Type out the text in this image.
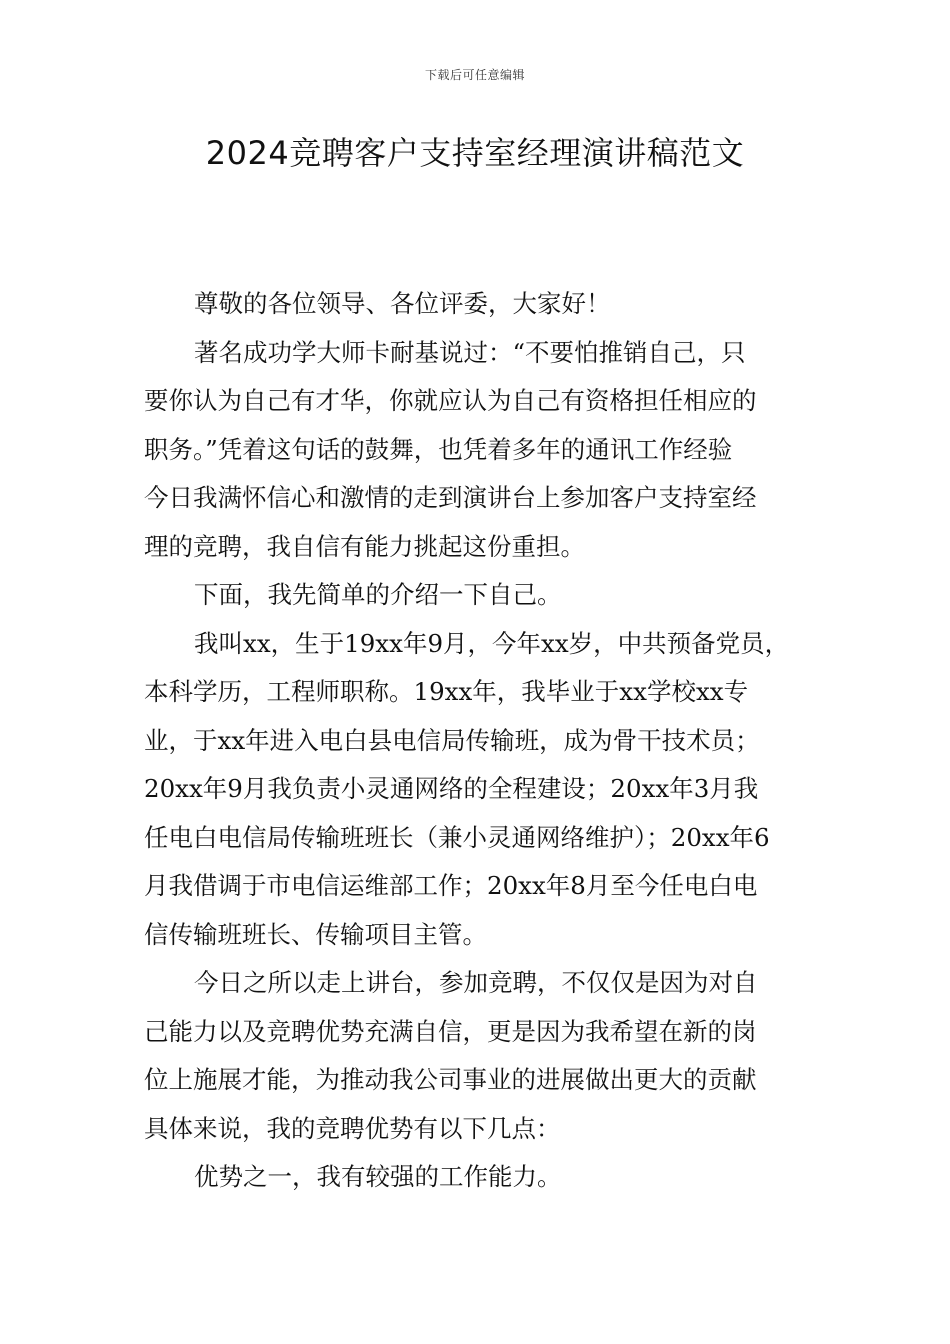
下载后可任意编辑
2024竞聘客户支持室经理演讲稿范文
尊敬的各位领导、各位评委，大家好！
著名成功学大师卡耐基说过：“不要怕推销自己，只
要你认为自己有才华，你就应认为自己有资格担任相应的
职务。”凭着这句话的鼓舞，也凭着多年的通讯工作经验
今日我满怀信心和激情的走到演讲台上参加客户支持室经
理的竞聘，我自信有能力挑起这份重担。
下面，我先简单的介绍一下自己。
我叫xx，生于19xx年9月，今年xx岁，中共预备党员，
本科学历，工程师职称。19xx年，我毕业于xx学校xx专
业，于xx年进入电白县电信局传输班，成为骨干技术员；
20xx年9月我负责小灵通网络的全程建设；20xx年3月我
任电白电信局传输班班长（兼小灵通网络维护）；20xx年6
月我借调于市电信运维部工作；20xx年8月至今任电白电
信传输班班长、传输项目主管。
今日之所以走上讲台，参加竞聘，不仅仅是因为对自
己能力以及竞聘优势充满自信，更是因为我希望在新的岗
位上施展才能，为推动我公司事业的进展做出更大的贡献
具体来说，我的竞聘优势有以下几点：
优势之一，我有较强的工作能力。
